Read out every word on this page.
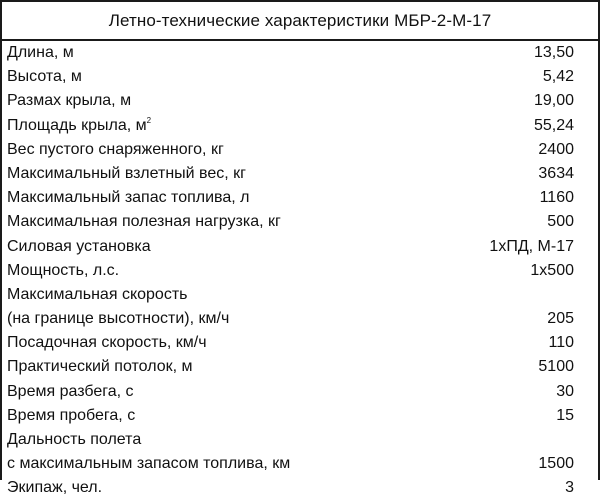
Летно-технические характеристики МБР-2-М-17
Длина, м	13,50
Высота, м	5,42
Размах крыла, м	19,00
Площадь крыла, $м^2$	55,24
Вес пустого снаряженного, кг	2400
Максимальный взлетный вес, кг	3634
Максимальный запас топлива, л	1160
Максимальная полезная нагрузка, кг	500
Силовая установка	1хПД, М-17
Мощность, л.с.	1x500
Максимальная скорость
(на границе высотности), км/ч	205
Посадочная скорость, км/ч	110
Практический потолок, м	5100
Время разбега, с	30
Время пробега, с	15
Дальность полета
с максимальным запасом топлива, км	1500
Экипаж, чел.	3
